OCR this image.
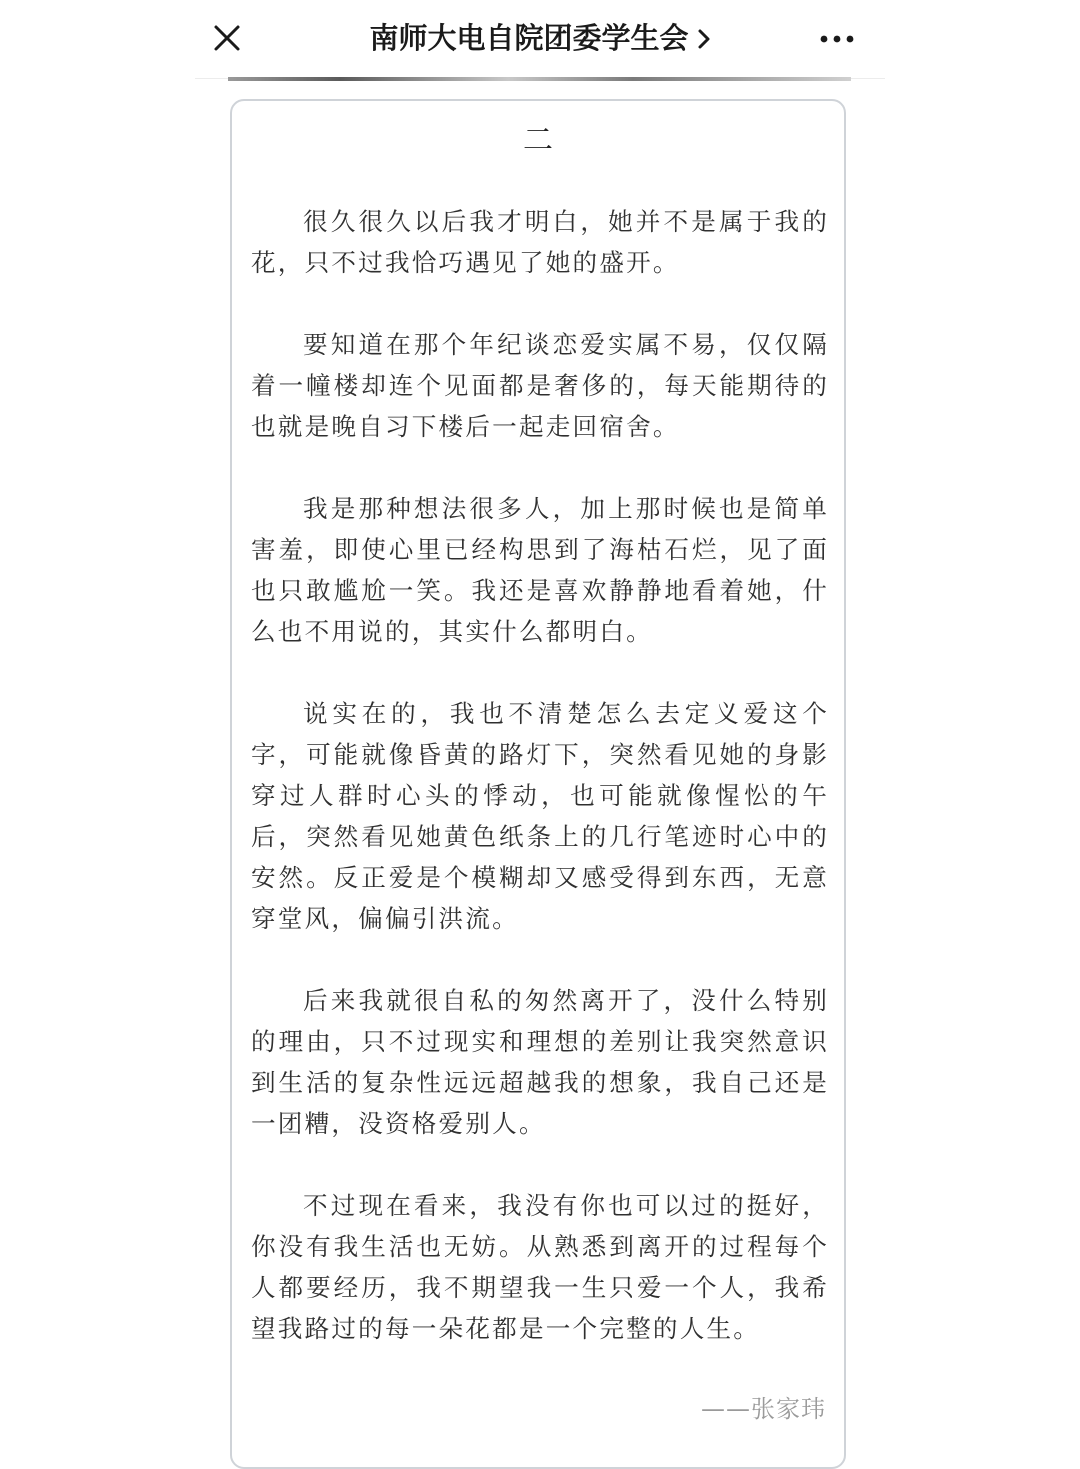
南师大电自院团委学生会
二

很久很久以后我才明白，她并不是属于我的花，只不过我恰巧遇见了她的盛开。

要知道在那个年纪谈恋爱实属不易，仅仅隔着一幢楼却连个见面都是奢侈的，每天能期待的也就是晚自习下楼后一起走回宿舍。

我是那种想法很多人，加上那时候也是简单害羞，即使心里已经构思到了海枯石烂，见了面也只敢尴尬一笑。我还是喜欢静静地看着她，什么也不用说的，其实什么都明白。

说实在的，我也不清楚怎么去定义爱这个字，可能就像昏黄的路灯下，突然看见她的身影穿过人群时心头的悸动，也可能就像惺忪的午后，突然看见她黄色纸条上的几行笔迹时心中的安然。反正爱是个模糊却又感受得到东西，无意穿堂风，偏偏引洪流。

后来我就很自私的匆然离开了，没什么特别的理由，只不过现实和理想的差别让我突然意识到生活的复杂性远远超越我的想象，我自己还是一团糟，没资格爱别人。

不过现在看来，我没有你也可以过的挺好，你没有我生活也无妨。从熟悉到离开的过程每个人都要经历，我不期望我一生只爱一个人，我希望我路过的每一朵花都是一个完整的人生。

——张家玮
